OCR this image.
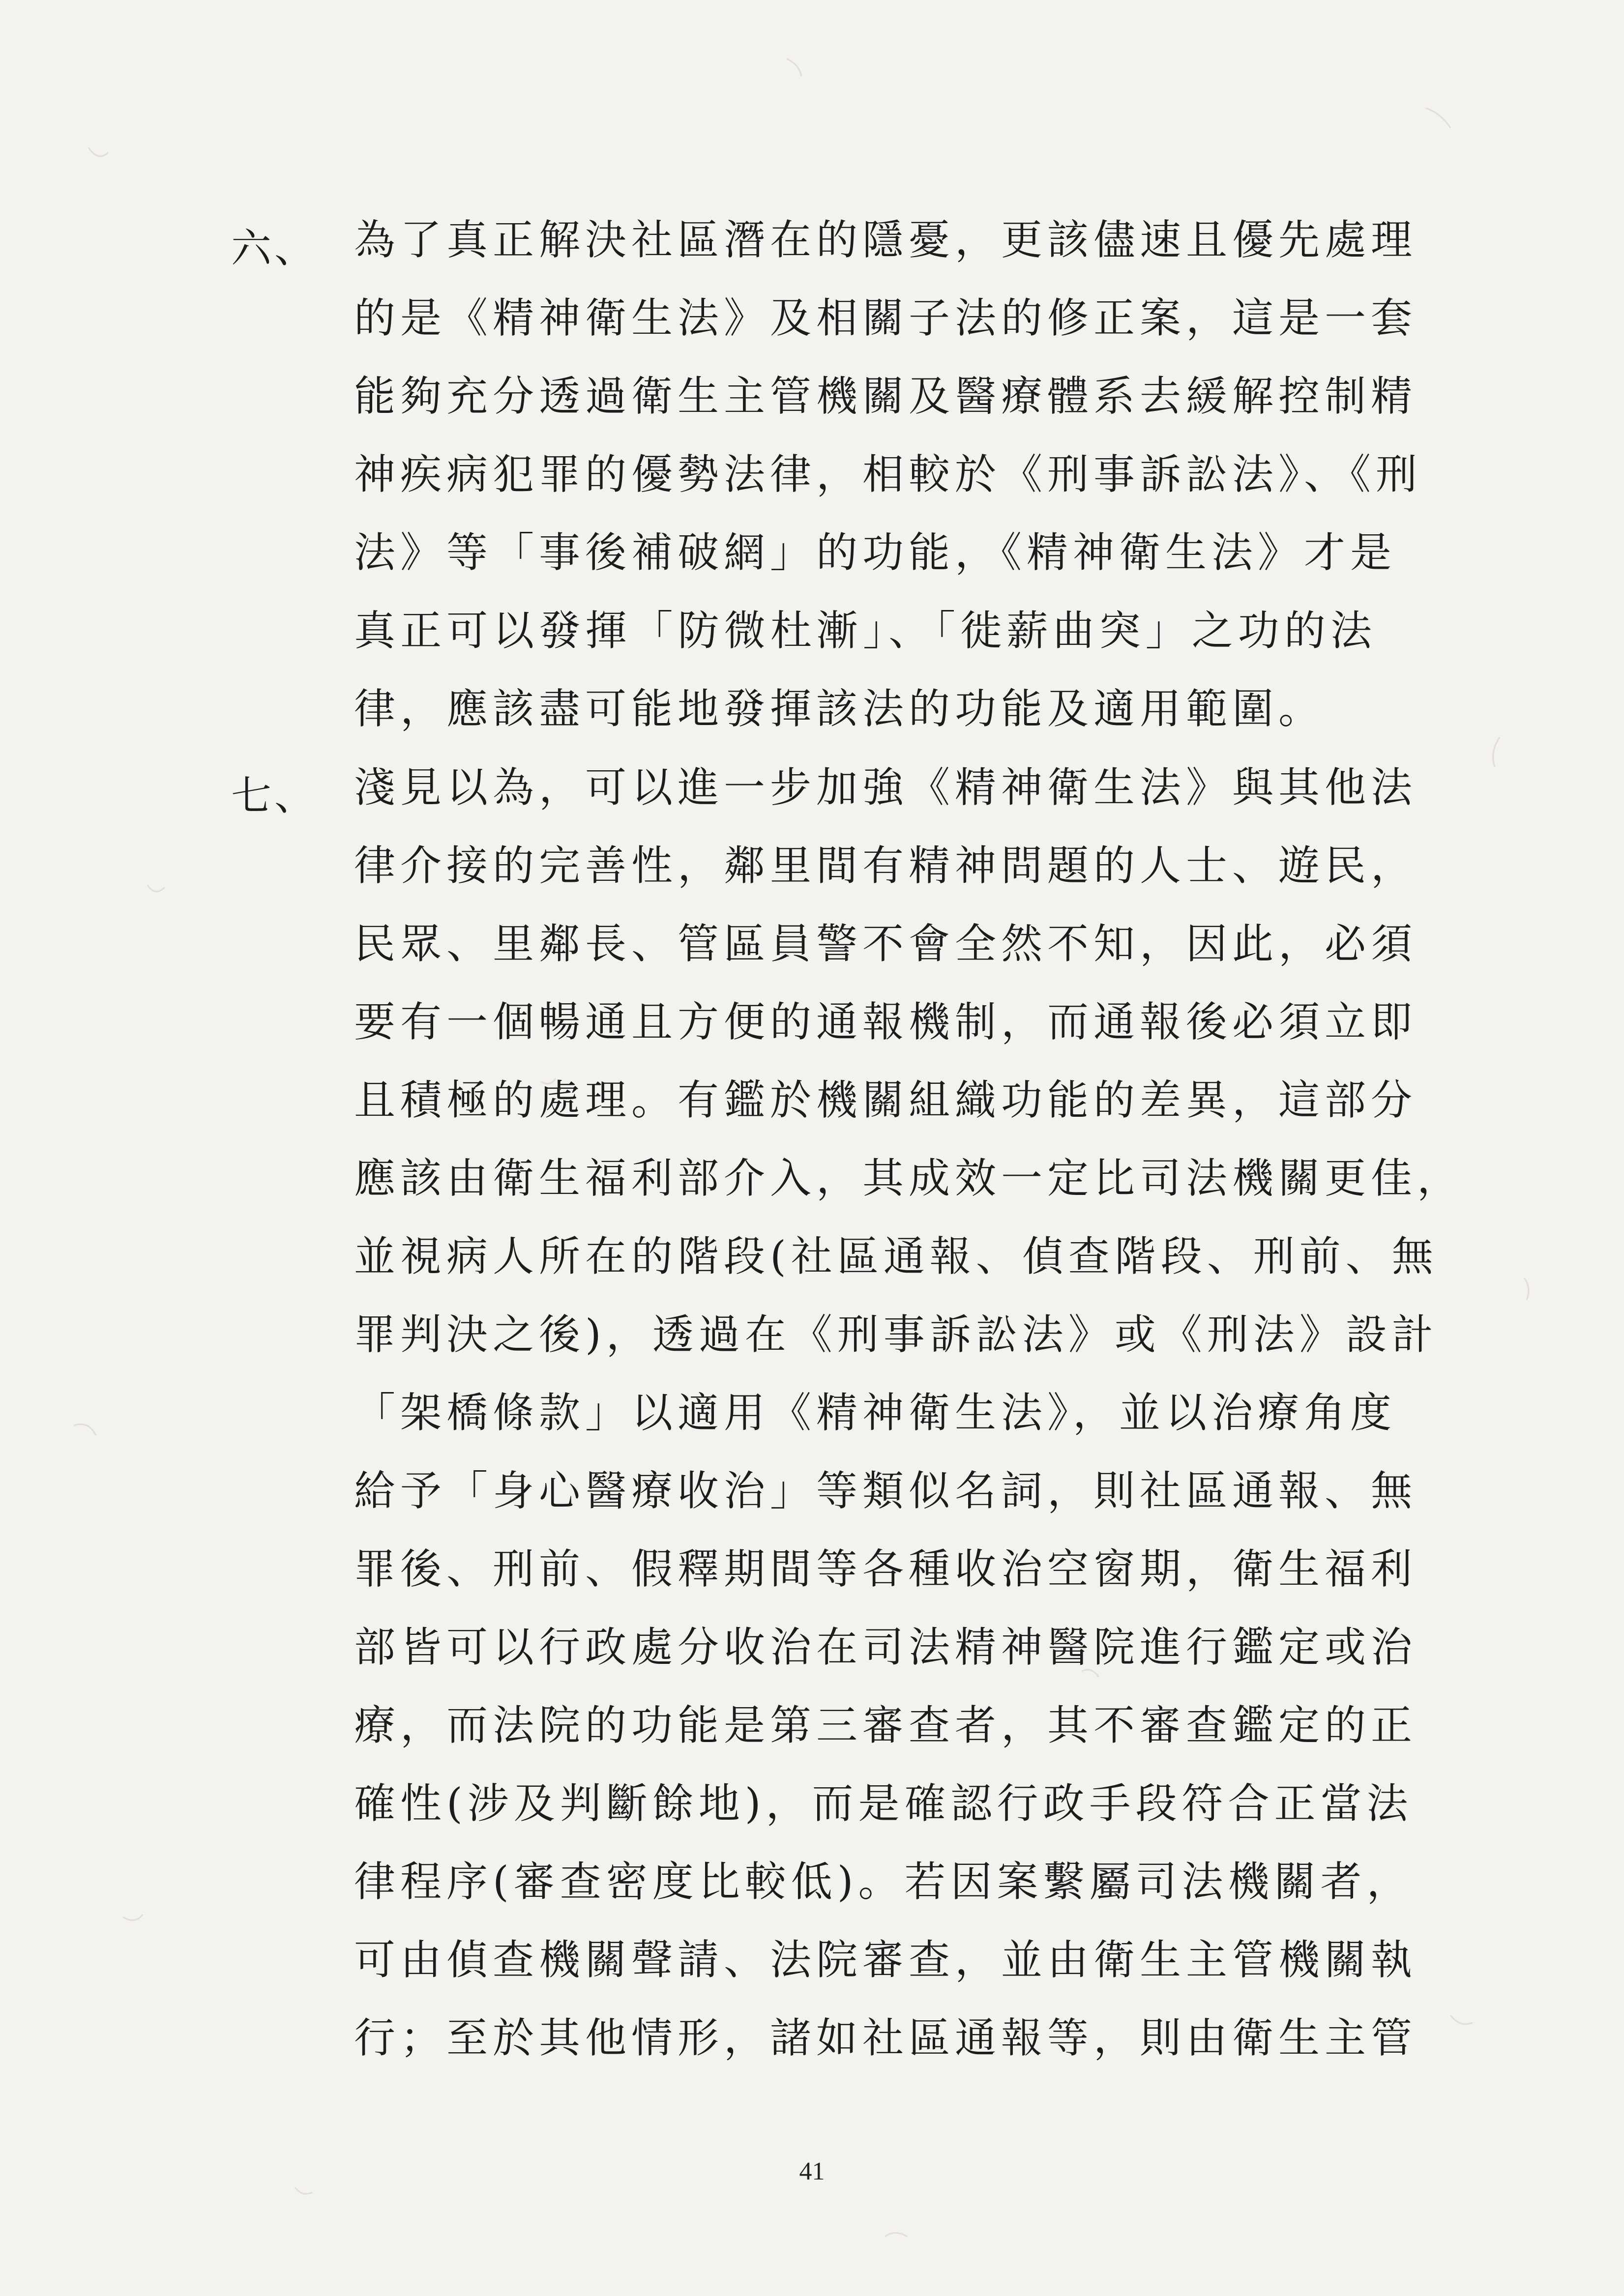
六、 為了真正解決社區潛在的隱憂，更該儘速且優先處理
的是《精神衛生法》及相關子法的修正案，這是一套
能夠充分透過衛生主管機關及醫療體系去緩解控制精
神疾病犯罪的優勢法律，相較於《刑事訴訟法》、《刑
法》等「事後補破網」的功能，《精神衛生法》才是
真正可以發揮「防微杜漸」、「徙薪曲突」之功的法
律，應該盡可能地發揮該法的功能及適用範圍。
七、 淺見以為，可以進一步加強《精神衛生法》與其他法
律介接的完善性，鄰里間有精神問題的人士、遊民，
民眾、里鄰長、管區員警不會全然不知，因此，必須
要有一個暢通且方便的通報機制，而通報後必須立即
且積極的處理。有鑑於機關組織功能的差異，這部分
應該由衛生福利部介入，其成效一定比司法機關更佳，
並視病人所在的階段(社區通報、偵查階段、刑前、無
罪判決之後)，透過在《刑事訴訟法》或《刑法》設計
「架橋條款」以適用《精神衛生法》，並以治療角度
給予「身心醫療收治」等類似名詞，則社區通報、無
罪後、刑前、假釋期間等各種收治空窗期，衛生福利
部皆可以行政處分收治在司法精神醫院進行鑑定或治
療，而法院的功能是第三審查者，其不審查鑑定的正
確性(涉及判斷餘地)，而是確認行政手段符合正當法
律程序(審查密度比較低)。若因案繫屬司法機關者，
可由偵查機關聲請、法院審查，並由衛生主管機關執
行；至於其他情形，諸如社區通報等，則由衛生主管
41
